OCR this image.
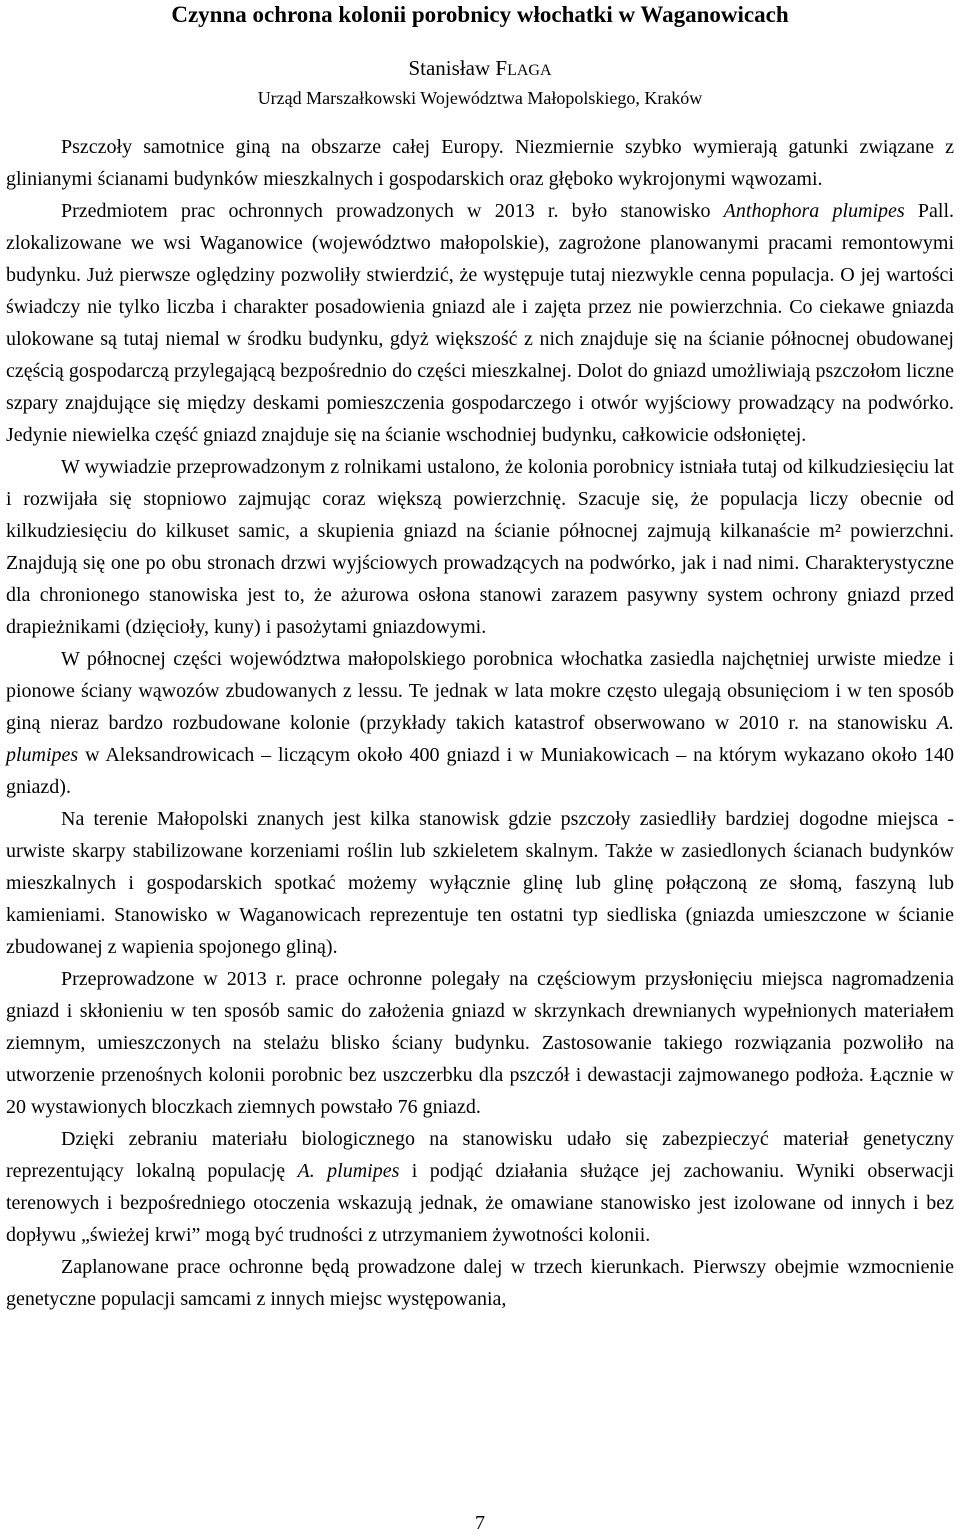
Czynna ochrona kolonii porobnicy włochatki w Waganowicach
Stanisław FLAGA
Urząd Marszałkowski Województwa Małopolskiego, Kraków

Pszczoły samotnice giną na obszarze całej Europy. Niezmiernie szybko wymierają gatunki związane z glinianymi ścianami budynków mieszkalnych i gospodarskich oraz głęboko wykrojonymi wąwozami.

Przedmiotem prac ochronnych prowadzonych w 2013 r. było stanowisko Anthophora plumipes Pall. zlokalizowane we wsi Waganowice (województwo małopolskie), zagrożone planowanymi pracami remontowymi budynku. Już pierwsze oględziny pozwoliły stwierdzić, że występuje tutaj niezwykle cenna populacja. O jej wartości świadczy nie tylko liczba i charakter posadowienia gniazd ale i zajęta przez nie powierzchnia. Co ciekawe gniazda ulokowane są tutaj niemal w środku budynku, gdyż większość z nich znajduje się na ścianie północnej obudowanej częścią gospodarczą przylegającą bezpośrednio do części mieszkalnej. Dolot do gniazd umożliwiają pszczołom liczne szpary znajdujące się między deskami pomieszczenia gospodarczego i otwór wyjściowy prowadzący na podwórko. Jedynie niewielka część gniazd znajduje się na ścianie wschodniej budynku, całkowicie odsłoniętej.

W wywiadzie przeprowadzonym z rolnikami ustalono, że kolonia porobnicy istniała tutaj od kilkudziesięciu lat i rozwijała się stopniowo zajmując coraz większą powierzchnię. Szacuje się, że populacja liczy obecnie od kilkudziesięciu do kilkuset samic, a skupienia gniazd na ścianie północnej zajmują kilkanaście m² powierzchni. Znajdują się one po obu stronach drzwi wyjściowych prowadzących na podwórko, jak i nad nimi. Charakterystyczne dla chronionego stanowiska jest to, że ażurowa osłona stanowi zarazem pasywny system ochrony gniazd przed drapieżnikami (dzięcioły, kuny) i pasożytami gniazdowymi.

W północnej części województwa małopolskiego porobnica włochatka zasiedla najchętniej urwiste miedze i pionowe ściany wąwozów zbudowanych z lessu. Te jednak w lata mokre często ulegają obsunięciom i w ten sposób giną nieraz bardzo rozbudowane kolonie (przykłady takich katastrof obserwowano w 2010 r. na stanowisku A. plumipes w Aleksandrowicach – liczącym około 400 gniazd i w Muniakowicach – na którym wykazano około 140 gniazd).

Na terenie Małopolski znanych jest kilka stanowisk gdzie pszczoły zasiedliły bardziej dogodne miejsca - urwiste skarpy stabilizowane korzeniami roślin lub szkieletem skalnym. Także w zasiedlonych ścianach budynków mieszkalnych i gospodarskich spotkać możemy wyłącznie glinę lub glinę połączoną ze słomą, faszyną lub kamieniami. Stanowisko w Waganowicach reprezentuje ten ostatni typ siedliska (gniazda umieszczone w ścianie zbudowanej z wapienia spojonego gliną).

Przeprowadzone w 2013 r. prace ochronne polegały na częściowym przysłonięciu miejsca nagromadzenia gniazd i skłonieniu w ten sposób samic do założenia gniazd w skrzynkach drewnianych wypełnionych materiałem ziemnym, umieszczonych na stelażu blisko ściany budynku. Zastosowanie takiego rozwiązania pozwoliło na utworzenie przenośnych kolonii porobnic bez uszczerbku dla pszczół i dewastacji zajmowanego podłoża. Łącznie w 20 wystawionych bloczkach ziemnych powstało 76 gniazd.

Dzięki zebraniu materiału biologicznego na stanowisku udało się zabezpieczyć materiał genetyczny reprezentujący lokalną populację A. plumipes i podjąć działania służące jej zachowaniu. Wyniki obserwacji terenowych i bezpośredniego otoczenia wskazują jednak, że omawiane stanowisko jest izolowane od innych i bez dopływu „świeżej krwi” mogą być trudności z utrzymaniem żywotności kolonii.

Zaplanowane prace ochronne będą prowadzone dalej w trzech kierunkach. Pierwszy obejmie wzmocnienie genetyczne populacji samcami z innych miejsc występowania,

7
